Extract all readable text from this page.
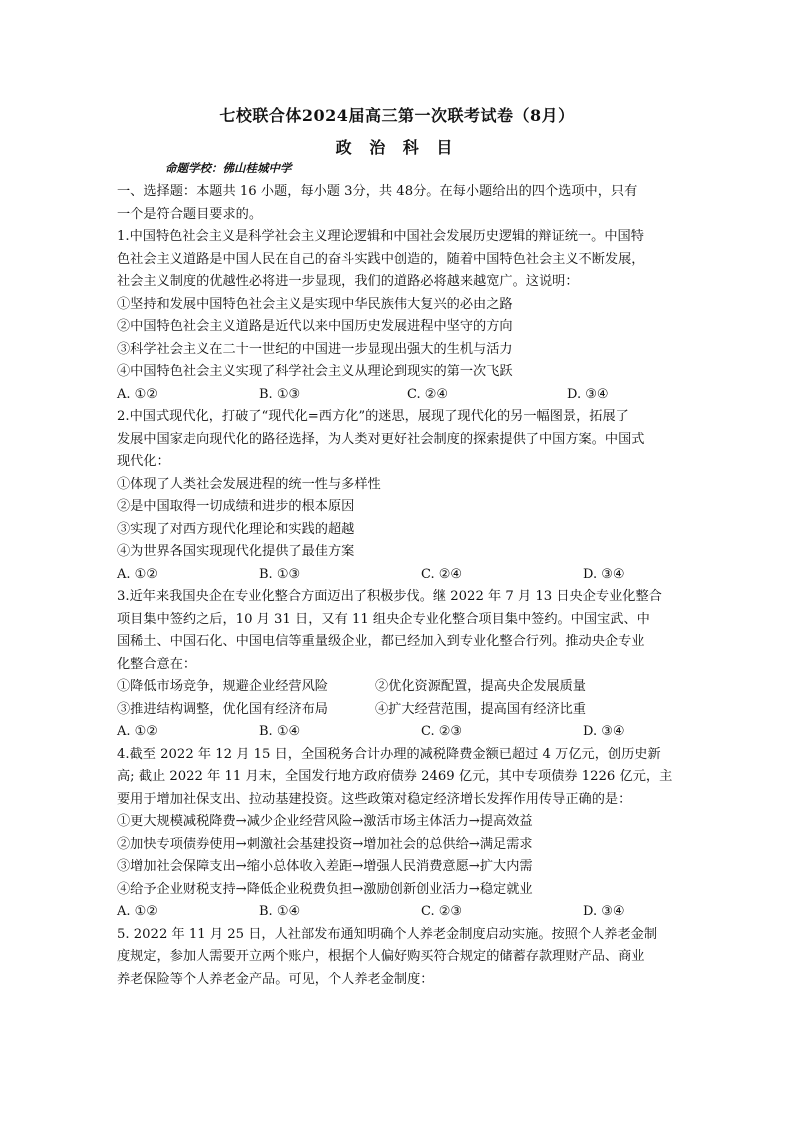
七校联合体2024届高三第一次联考试卷（8月）
政 治 科 目
命题学校：佛山桂城中学
一、选择题：本题共 16 小题，每小题 3分，共 48分。在每小题给出的四个选项中，只有
一个是符合题目要求的。
1.中国特色社会主义是科学社会主义理论逻辑和中国社会发展历史逻辑的辩证统一。中国特
色社会主义道路是中国人民在自己的奋斗实践中创造的，随着中国特色社会主义不断发展，
社会主义制度的优越性必将进一步显现，我们的道路必将越来越宽广。这说明：
①坚持和发展中国特色社会主义是实现中华民族伟大复兴的必由之路
②中国特色社会主义道路是近代以来中国历史发展进程中坚守的方向
③科学社会主义在二十一世纪的中国进一步显现出强大的生机与活力
④中国特色社会主义实现了科学社会主义从理论到现实的第一次飞跃
A. ①②	B. ①③	C. ②④	D. ③④
2.中国式现代化，打破了“现代化=西方化”的迷思，展现了现代化的另一幅图景，拓展了
发展中国家走向现代化的路径选择，为人类对更好社会制度的探索提供了中国方案。中国式
现代化：
①体现了人类社会发展进程的统一性与多样性
②是中国取得一切成绩和进步的根本原因
③实现了对西方现代化理论和实践的超越
④为世界各国实现现代化提供了最佳方案
A. ①②	B. ①③	C. ②④	D. ③④
3.近年来我国央企在专业化整合方面迈出了积极步伐。继 2022 年 7 月 13 日央企专业化整合
项目集中签约之后，10 月 31 日，又有 11 组央企专业化整合项目集中签约。中国宝武、中
国稀土、中国石化、中国电信等重量级企业，都已经加入到专业化整合行列。推动央企专业
化整合意在：
①降低市场竞争，规避企业经营风险	②优化资源配置，提高央企发展质量
③推进结构调整，优化国有经济布局	④扩大经营范围，提高国有经济比重
A. ①②	B. ①④	C. ②③	D. ③④
4.截至 2022 年 12 月 15 日，全国税务合计办理的减税降费金额已超过 4 万亿元，创历史新
高; 截止 2022 年 11 月末，全国发行地方政府债券 2469 亿元，其中专项债券 1226 亿元，主
要用于增加社保支出、拉动基建投资。这些政策对稳定经济增长发挥作用传导正确的是：
①更大规模减税降费→减少企业经营风险→激活市场主体活力→提高效益
②加快专项债券使用→刺激社会基建投资→增加社会的总供给→满足需求
③增加社会保障支出→缩小总体收入差距→增强人民消费意愿→扩大内需
④给予企业财税支持→降低企业税费负担→激励创新创业活力→稳定就业
A. ①②	B. ①④	C. ②③	D. ③④
5. 2022 年 11 月 25 日，人社部发布通知明确个人养老金制度启动实施。按照个人养老金制
度规定，参加人需要开立两个账户，根据个人偏好购买符合规定的储蓄存款理财产品、商业
养老保险等个人养老金产品。可见，个人养老金制度：
